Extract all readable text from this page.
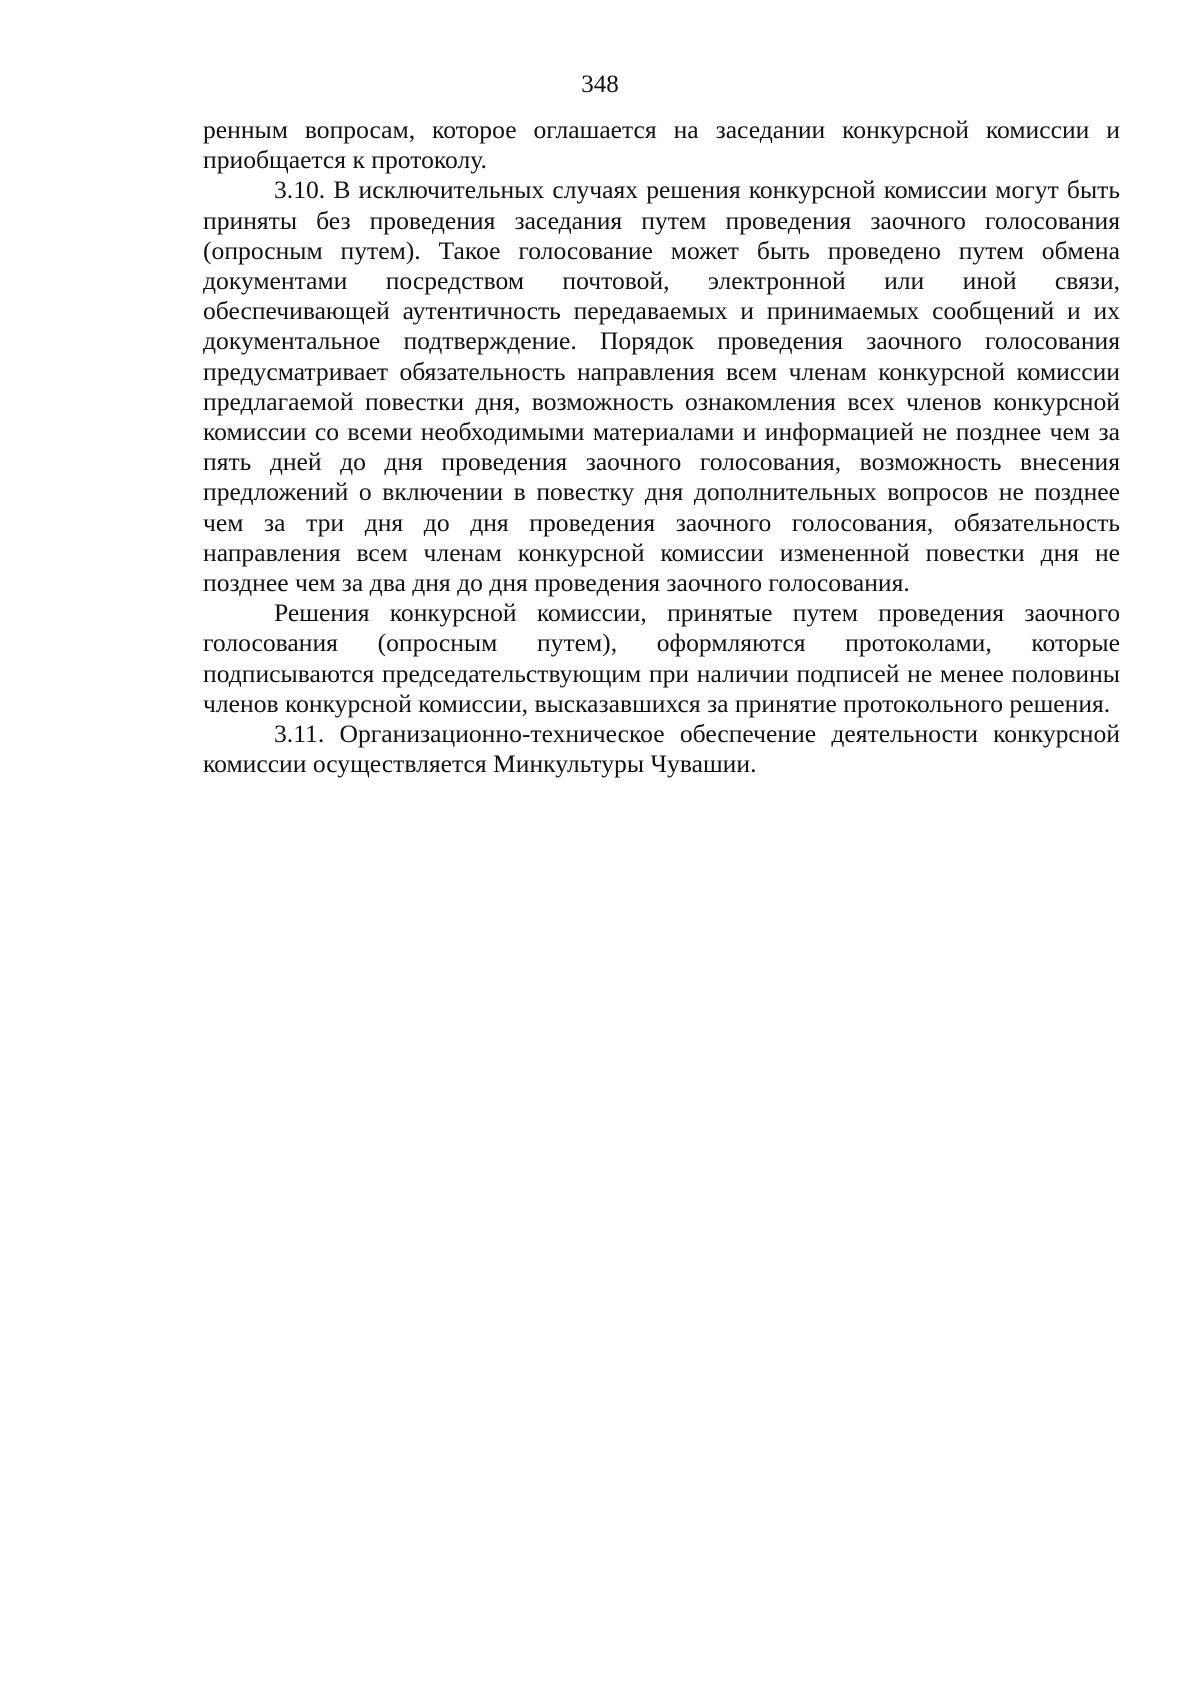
348

ренным вопросам, которое оглашается на заседании конкурсной комиссии и приобщается к протоколу.

3.10. В исключительных случаях решения конкурсной комиссии могут быть приняты без проведения заседания путем проведения заочного голосования (опросным путем). Такое голосование может быть проведено путем обмена документами посредством почтовой, электронной или иной связи, обеспечивающей аутентичность передаваемых и принимаемых сообщений и их документальное подтверждение. Порядок проведения заочного голосования предусматривает обязательность направления всем членам конкурсной комиссии предлагаемой повестки дня, возможность ознакомления всех членов конкурсной комиссии со всеми необходимыми материалами и информацией не позднее чем за пять дней до дня проведения заочного голосования, возможность внесения предложений о включении в повестку дня дополнительных вопросов не позднее чем за три дня до дня проведения заочного голосования, обязательность направления всем членам конкурсной комиссии измененной повестки дня не позднее чем за два дня до дня проведения заочного голосования.

Решения конкурсной комиссии, принятые путем проведения заочного голосования (опросным путем), оформляются протоколами, которые подписываются председательствующим при наличии подписей не менее половины членов конкурсной комиссии, высказавшихся за принятие протокольного решения.

3.11. Организационно-техническое обеспечение деятельности конкурсной комиссии осуществляется Минкультуры Чувашии.
